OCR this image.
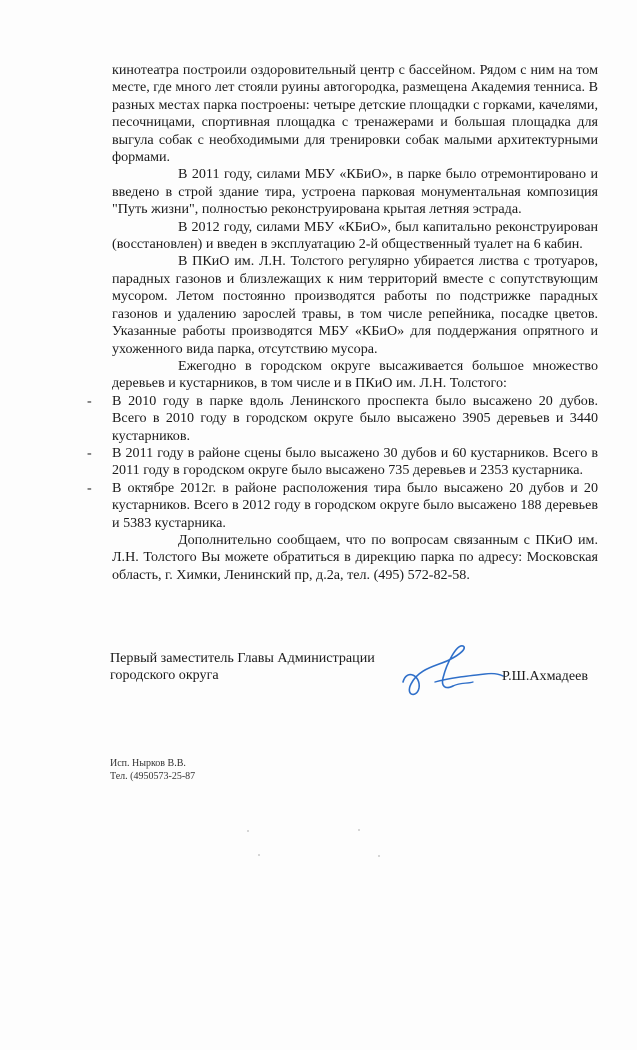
кинотеатра построили оздоровительный центр с бассейном. Рядом с ним на том месте, где много лет стояли руины автогородка, размещена Академия тенниса. В разных местах парка построены: четыре детские площадки с горками, качелями, песочницами, спортивная площадка с тренажерами и большая площадка для выгула собак с необходимыми для тренировки собак малыми архитектурными формами.

В 2011 году, силами МБУ «КБиО», в парке было отремонтировано и введено в строй здание тира, устроена парковая монументальная композиция "Путь жизни", полностью реконструирована крытая летняя эстрада.

В 2012 году, силами МБУ «КБиО», был капитально реконструирован (восстановлен) и введен в эксплуатацию 2-й общественный туалет на 6 кабин.

В ПКиО им. Л.Н. Толстого регулярно убирается листва с тротуаров, парадных газонов и близлежащих к ним территорий вместе с сопутствующим мусором. Летом постоянно производятся работы по подстрижке парадных газонов и удалению зарослей травы, в том числе репейника, посадке цветов. Указанные работы производятся МБУ «КБиО» для поддержания опрятного и ухоженного вида парка, отсутствию мусора.

Ежегодно в городском округе высаживается большое множество деревьев и кустарников, в том числе и в ПКиО им. Л.Н. Толстого:

- В 2010 году в парке вдоль Ленинского проспекта было высажено 20 дубов. Всего в 2010 году в городском округе было высажено 3905 деревьев и 3440 кустарников.
- В 2011 году в районе сцены было высажено 30 дубов и 60 кустарников. Всего в 2011 году в городском округе было высажено 735 деревьев и 2353 кустарника.
- В октябре 2012г. в районе расположения тира было высажено 20 дубов и 20 кустарников. Всего в 2012 году в городском округе было высажено 188 деревьев и 5383 кустарника.

Дополнительно сообщаем, что по вопросам связанным с ПКиО им. Л.Н. Толстого Вы можете обратиться в дирекцию парка по адресу: Московская область, г. Химки, Ленинский пр, д.2а, тел. (495) 572-82-58.

Первый заместитель Главы Администрации
городского округа	Р.Ш.Ахмадеев
Исп. Нырков В.В.
Тел. (4950573-25-87
